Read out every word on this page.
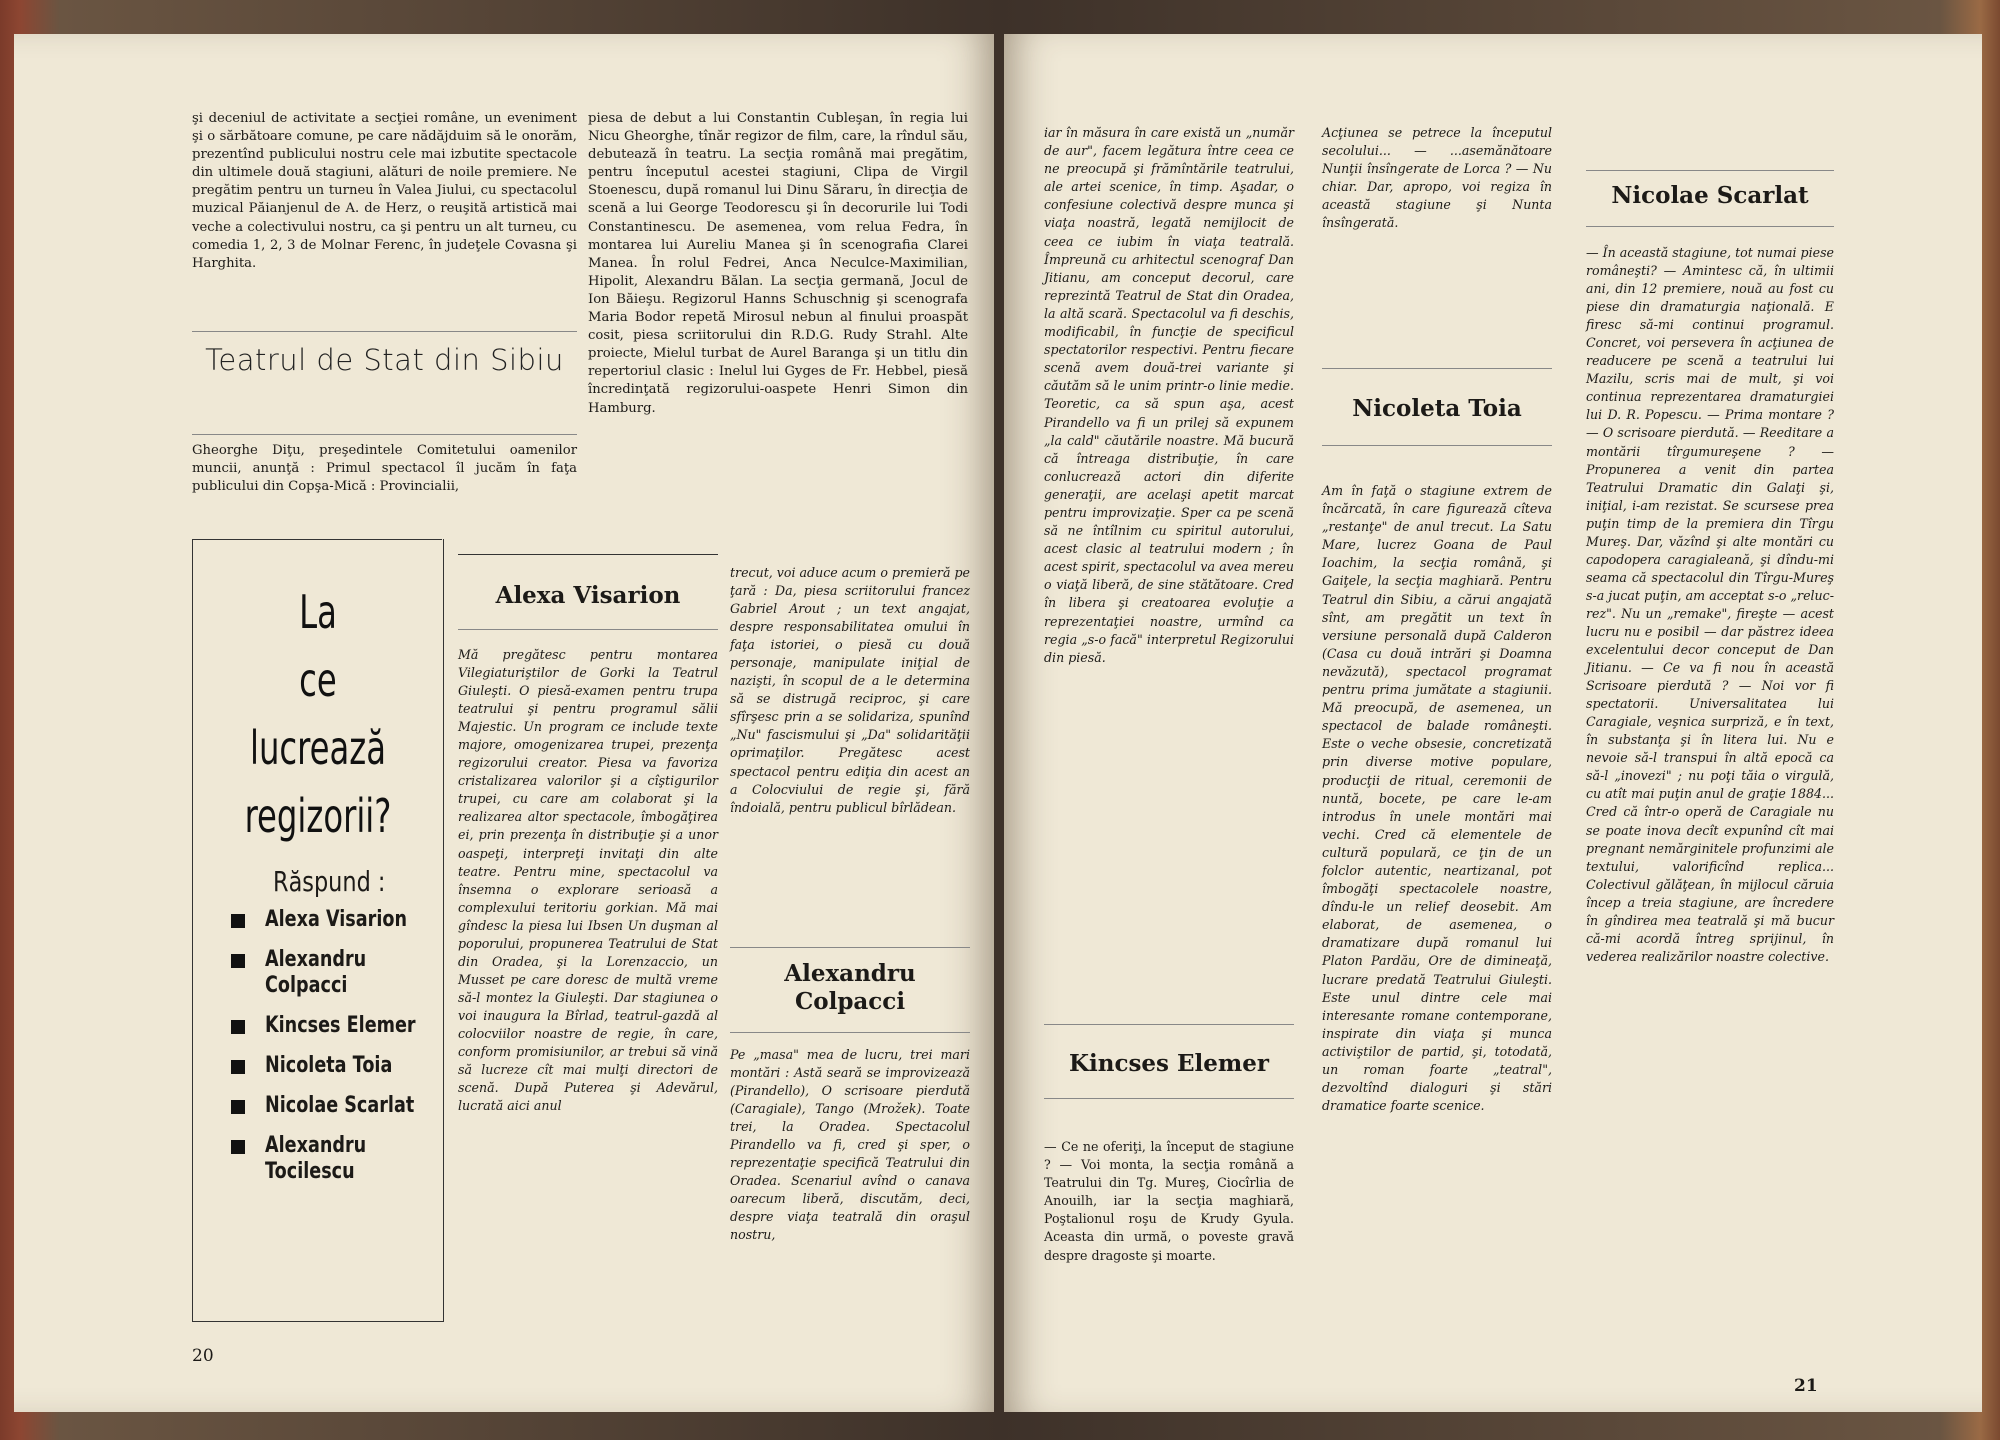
şi deceniul de activitate a secţiei române, un eveniment şi o sărbătoare comune, pe care nădăjduim să le onorăm, prezentînd publicului nostru cele mai izbutite spectacole din ultimele două stagiuni, alături de noile premiere. Ne pregătim pentru un turneu în Valea Jiului, cu spectacolul muzical Păianjenul de A. de Herz, o reuşită artistică mai veche a colectivului nostru, ca şi pentru un alt turneu, cu comedia 1, 2, 3 de Molnar Ferenc, în judeţele Covasna şi Harghita.

Teatrul de Stat din Sibiu

Gheorghe Diţu, preşedintele Comitetului oamenilor muncii, anunţă : Primul spectacol îl jucăm în faţa publicului din Copşa-Mică : Provincialii,

piesa de debut a lui Constantin Cubleşan, în regia lui Nicu Gheorghe, tînăr regizor de film, care, la rîndul său, debutează în teatru. La secţia română mai pregătim, pentru începutul acestei stagiuni, Clipa de Virgil Stoenescu, după romanul lui Dinu Săraru, în direcţia de scenă a lui George Teodorescu şi în decorurile lui Todi Constantinescu. De asemenea, vom relua Fedra, în montarea lui Aureliu Manea şi în scenografia Clarei Manea. În rolul Fedrei, Anca Neculce-Maximilian, Hipolit, Alexandru Bălan. La secţia germană, Jocul de Ion Băieşu. Regizorul Hanns Schuschnig şi scenografa Maria Bodor repetă Mirosul nebun al finului proaspăt cosit, piesa scriitorului din R.D.G. Rudy Strahl. Alte proiecte, Mielul turbat de Aurel Baranga şi un titlu din repertoriul clasic : Inelul lui Gyges de Fr. Hebbel, piesă încredinţată regizorului-oaspete Henri Simon din Hamburg.

La
ce
lucrează
regizorii?
Răspund :
Alexa Visarion
Alexandru Colpacci
Kincses Elemer
Nicoleta Toia
Nicolae Scarlat
Alexandru Tocilescu
Alexa Visarion

Mă pregătesc pentru montarea Vilegiaturiştilor de Gorki la Teatrul Giuleşti. O piesă-examen pentru trupa teatrului şi pentru programul sălii Majestic. Un program ce include texte majore, omogenizarea trupei, prezenţa regizorului creator. Piesa va favoriza cristalizarea valorilor şi a cîştigurilor trupei, cu care am colaborat şi la realizarea altor spectacole, îmbogăţirea ei, prin prezenţa în distribuţie şi a unor oaspeţi, interpreţi invitaţi din alte teatre. Pentru mine, spectacolul va însemna o explorare serioasă a complexului teritoriu gorkian. Mă mai gîndesc la piesa lui Ibsen Un duşman al poporului, propunerea Teatrului de Stat din Oradea, şi la Lorenzaccio, un Musset pe care doresc de multă vreme să-l montez la Giuleşti. Dar stagiunea o voi inaugura la Bîrlad, teatrul-gazdă al colocviilor noastre de regie, în care, conform promisiunilor, ar trebui să vină să lucreze cît mai mulţi directori de scenă. După Puterea şi Adevărul, lucrată aici anul

trecut, voi aduce acum o premieră pe ţară : Da, piesa scriitorului francez Gabriel Arout ; un text angajat, despre responsabilitatea omului în faţa istoriei, o piesă cu două personaje, manipulate iniţial de nazişti, în scopul de a le determina să se distrugă reciproc, şi care sfîrşesc prin a se solidariza, spunînd „Nu" fascismului şi „Da" solidarităţii oprimaţilor. Pregătesc acest spectacol pentru ediţia din acest an a Colocviului de regie şi, fără îndoială, pentru publicul bîrlădean.

Alexandru
Colpacci

Pe „masa" mea de lucru, trei mari montări : Astă seară se improvizează (Pirandello), O scrisoare pierdută (Caragiale), Tango (Mrožek). Toate trei, la Oradea. Spectacolul Pirandello va fi, cred şi sper, o reprezentaţie specifică Teatrului din Oradea. Scenariul avînd o canava oarecum liberă, discutăm, deci, despre viaţa teatrală din oraşul nostru,

20

iar în măsura în care există un „număr de aur", facem legătura între ceea ce ne preocupă şi frămîntările teatrului, ale artei scenice, în timp. Aşadar, o confesiune colectivă despre munca şi viaţa noastră, legată nemijlocit de ceea ce iubim în viaţa teatrală. Împreună cu arhitectul scenograf Dan Jitianu, am conceput decorul, care reprezintă Teatrul de Stat din Oradea, la altă scară. Spectacolul va fi deschis, modificabil, în funcţie de specificul spectatorilor respectivi. Pentru fiecare scenă avem două-trei variante şi căutăm să le unim printr-o linie medie. Teoretic, ca să spun aşa, acest Pirandello va fi un prilej să expunem „la cald" căutările noastre. Mă bucură că întreaga distribuţie, în care conlucrează actori din diferite generaţii, are acelaşi apetit marcat pentru improvizaţie. Sper ca pe scenă să ne întîlnim cu spiritul autorului, acest clasic al teatrului modern ; în acest spirit, spectacolul va avea mereu o viaţă liberă, de sine stătătoare. Cred în libera şi creatoarea evoluţie a reprezentaţiei noastre, urmînd ca regia „s-o facă" interpretul Regizorului din piesă.

Kincses Elemer

— Ce ne oferiţi, la început de stagiune ? — Voi monta, la secţia română a Teatrului din Tg. Mureş, Ciocîrlia de Anouilh, iar la secţia maghiară, Poştalionul roşu de Krudy Gyula. Aceasta din urmă, o poveste gravă despre dragoste şi moarte.

Acţiunea se petrece la începutul secolului... — ...asemănătoare Nunţii însîngerate de Lorca ? — Nu chiar. Dar, apropo, voi regiza în această stagiune şi Nunta însîngerată.

Nicoleta Toia

Am în faţă o stagiune extrem de încărcată, în care figurează cîteva „restanţe" de anul trecut. La Satu Mare, lucrez Goana de Paul Ioachim, la secţia română, şi Gaiţele, la secţia maghiară. Pentru Teatrul din Sibiu, a cărui angajată sînt, am pregătit un text în versiune personală după Calderon (Casa cu două intrări şi Doamna nevăzută), spectacol programat pentru prima jumătate a stagiunii. Mă preocupă, de asemenea, un spectacol de balade româneşti. Este o veche obsesie, concretizată prin diverse motive populare, producţii de ritual, ceremonii de nuntă, bocete, pe care le-am introdus în unele montări mai vechi. Cred că elementele de cultură populară, ce ţin de un folclor autentic, neartizanal, pot îmbogăţi spectacolele noastre, dîndu-le un relief deosebit. Am elaborat, de asemenea, o dramatizare după romanul lui Platon Pardău, Ore de dimineaţă, lucrare predată Teatrului Giuleşti. Este unul dintre cele mai interesante romane contemporane, inspirate din viaţa şi munca activiştilor de partid, şi, totodată, un roman foarte „teatral", dezvoltînd dialoguri şi stări dramatice foarte scenice.

Nicolae Scarlat

— În această stagiune, tot numai piese româneşti? — Amintesc că, în ultimii ani, din 12 premiere, nouă au fost cu piese din dramaturgia naţională. E firesc să-mi continui programul. Concret, voi persevera în acţiunea de readucere pe scenă a teatrului lui Mazilu, scris mai de mult, şi voi continua reprezentarea dramaturgiei lui D. R. Popescu. — Prima montare ? — O scrisoare pierdută. — Reeditare a montării tîrgumureşene ? — Propunerea a venit din partea Teatrului Dramatic din Galaţi şi, iniţial, i-am rezistat. Se scursese prea puţin timp de la premiera din Tîrgu Mureş. Dar, văzînd şi alte montări cu capodopera caragialeană, şi dîndu-mi seama că spectacolul din Tîrgu-Mureş s-a jucat puţin, am acceptat s-o „relucrez". Nu un „remake", fireşte — acest lucru nu e posibil — dar păstrez ideea excelentului decor conceput de Dan Jitianu. — Ce va fi nou în această Scrisoare pierdută ? — Noi vor fi spectatorii. Universalitatea lui Caragiale, veşnica surpriză, e în text, în substanţa şi în litera lui. Nu e nevoie să-l transpui în altă epocă ca să-l „inovezi" ; nu poţi tăia o virgulă, cu atît mai puţin anul de graţie 1884... Cred că într-o operă de Caragiale nu se poate inova decît expunînd cît mai pregnant nemărginitele profunzimi ale textului, valorificînd replica... Colectivul gălăţean, în mijlocul căruia încep a treia stagiune, are încredere în gîndirea mea teatrală şi mă bucur că-mi acordă întreg sprijinul, în vederea realizărilor noastre colective.

21
